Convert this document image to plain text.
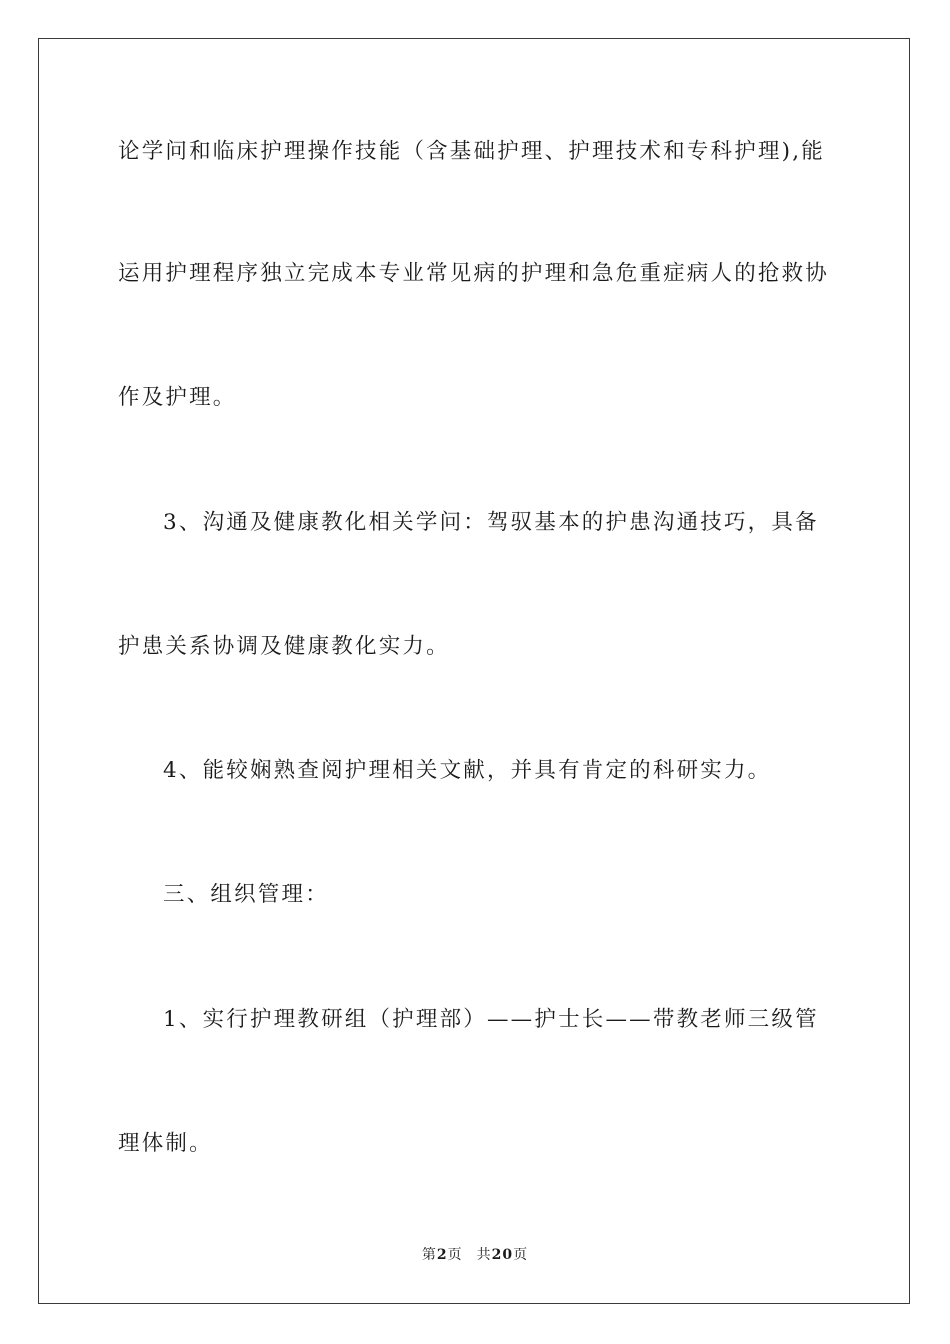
论学问和临床护理操作技能（含基础护理、护理技术和专科护理),能
运用护理程序独立完成本专业常见病的护理和急危重症病人的抢救协
作及护理。
3、沟通及健康教化相关学问：驾驭基本的护患沟通技巧，具备
护患关系协调及健康教化实力。
4、能较娴熟查阅护理相关文献，并具有肯定的科研实力。
三、组织管理：
1、实行护理教研组（护理部）——护士长——带教老师三级管
理体制。
第2页 共20页
